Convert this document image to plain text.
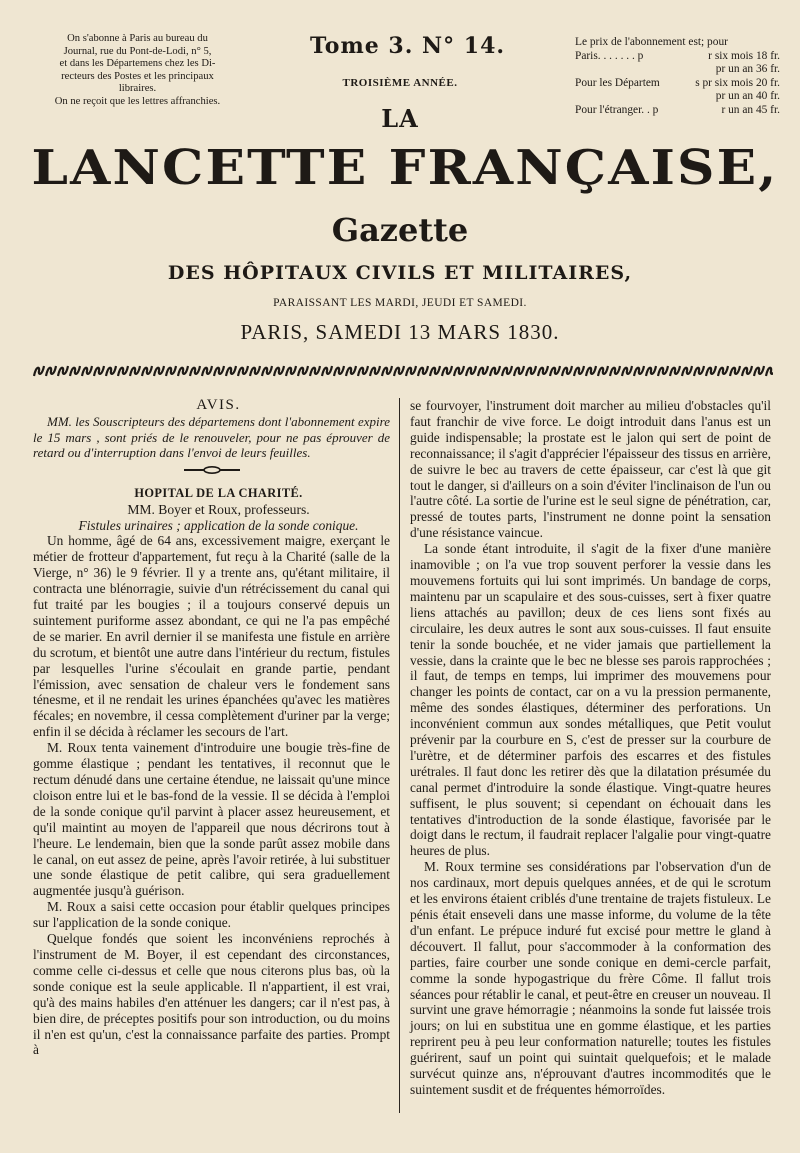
On s'abonne à Paris au bureau du
Journal, rue du Pont-de-Lodi, n° 5,
et dans les Départemens chez les Di-
recteurs des Postes et les principaux
libraires.
On ne reçoit que les lettres affranchies.
Tome 3. N° 14.
TROISIÈME ANNÉE.
LA
Le prix de l'abonnement est; pour
Paris. . . . . . . p	r six mois 18 fr.
pr un an 36 fr.
Pour les Départem	s pr six mois 20 fr.
pr un an 40 fr.
Pour l'étranger. . p	r un an 45 fr.
LANCETTE FRANÇAISE,
Gazette
DES HÔPITAUX CIVILS ET MILITAIRES,
PARAISSANT LES MARDI, JEUDI ET SAMEDI.
PARIS, SAMEDI 13 MARS 1830.

AVIS.

MM. les Souscripteurs des départemens dont l'abonnement expire le 15 mars , sont priés de le renouveler, pour ne pas éprouver de retard ou d'interruption dans l'envoi de leurs feuilles.

HOPITAL DE LA CHARITÉ.

MM. Boyer et Roux, professeurs.

Fistules urinaires ; application de la sonde conique.

Un homme, âgé de 64 ans, excessivement maigre, exerçant le métier de frotteur d'appartement, fut reçu à la Charité (salle de la Vierge, n° 36) le 9 février. Il y a trente ans, qu'étant militaire, il contracta une blénorragie, suivie d'un rétrécissement du canal qui fut traité par les bougies ; il a toujours conservé depuis un suintement puriforme assez abondant, ce qui ne l'a pas empêché de se marier. En avril dernier il se manifesta une fistule en arrière du scrotum, et bientôt une autre dans l'intérieur du rectum, fistules par lesquelles l'urine s'écoulait en grande partie, pendant l'émission, avec sensation de chaleur vers le fondement sans ténesme, et il ne rendait les urines épanchées qu'avec les matières fécales; en novembre, il cessa complètement d'uriner par la verge; enfin il se décida à réclamer les secours de l'art.

M. Roux tenta vainement d'introduire une bougie très-fine de gomme élastique ; pendant les tentatives, il reconnut que le rectum dénudé dans une certaine étendue, ne laissait qu'une mince cloison entre lui et le bas-fond de la vessie. Il se décida à l'emploi de la sonde conique qu'il parvint à placer assez heureusement, et qu'il maintint au moyen de l'appareil que nous décrirons tout à l'heure. Le lendemain, bien que la sonde parût assez mobile dans le canal, on eut assez de peine, après l'avoir retirée, à lui substituer une sonde élastique de petit calibre, qui sera graduellement augmentée jusqu'à guérison.

M. Roux a saisi cette occasion pour établir quelques principes sur l'application de la sonde conique.

Quelque fondés que soient les inconvéniens reprochés à l'instrument de M. Boyer, il est cependant des circonstances, comme celle ci-dessus et celle que nous citerons plus bas, où la sonde conique est la seule applicable. Il n'appartient, il est vrai, qu'à des mains habiles d'en atténuer les dangers; car il n'est pas, à bien dire, de préceptes positifs pour son introduction, ou du moins il n'en est qu'un, c'est la connaissance parfaite des parties. Prompt à

se fourvoyer, l'instrument doit marcher au milieu d'obstacles qu'il faut franchir de vive force. Le doigt introduit dans l'anus est un guide indispensable; la prostate est le jalon qui sert de point de reconnaissance; il s'agit d'apprécier l'épaisseur des tissus en arrière, de suivre le bec au travers de cette épaisseur, car c'est là que git tout le danger, si d'ailleurs on a soin d'éviter l'inclinaison de l'un ou l'autre côté. La sortie de l'urine est le seul signe de pénétration, car, pressé de toutes parts, l'instrument ne donne point la sensation d'une résistance vaincue.

La sonde étant introduite, il s'agit de la fixer d'une manière inamovible ; on l'a vue trop souvent perforer la vessie dans les mouvemens fortuits qui lui sont imprimés. Un bandage de corps, maintenu par un scapulaire et des sous-cuisses, sert à fixer quatre liens attachés au pavillon; deux de ces liens sont fixés au circulaire, les deux autres le sont aux sous-cuisses. Il faut ensuite tenir la sonde bouchée, et ne vider jamais que partiellement la vessie, dans la crainte que le bec ne blesse ses parois rapprochées ; il faut, de temps en temps, lui imprimer des mouvemens pour changer les points de contact, car on a vu la pression permanente, même des sondes élastiques, déterminer des perforations. Un inconvénient commun aux sondes métalliques, que Petit voulut prévenir par la courbure en S, c'est de presser sur la courbure de l'urètre, et de déterminer parfois des escarres et des fistules urétrales. Il faut donc les retirer dès que la dilatation présumée du canal permet d'introduire la sonde élastique. Vingt-quatre heures suffisent, le plus souvent; si cependant on échouait dans les tentatives d'introduction de la sonde élastique, favorisée par le doigt dans le rectum, il faudrait replacer l'algalie pour vingt-quatre heures de plus.

M. Roux termine ses considérations par l'observation d'un de nos cardinaux, mort depuis quelques années, et de qui le scrotum et les environs étaient criblés d'une trentaine de trajets fistuleux. Le pénis était enseveli dans une masse informe, du volume de la tête d'un enfant. Le prépuce induré fut excisé pour mettre le gland à découvert. Il fallut, pour s'accommoder à la conformation des parties, faire courber une sonde conique en demi-cercle parfait, comme la sonde hypogastrique du frère Côme. Il fallut trois séances pour rétablir le canal, et peut-être en creuser un nouveau. Il survint une grave hémorragie ; néanmoins la sonde fut laissée trois jours; on lui en substitua une en gomme élastique, et les parties reprirent peu à peu leur conformation naturelle; toutes les fistules guérirent, sauf un point qui suintait quelquefois; et le malade survécut quinze ans, n'éprouvant d'autres incommodités que le suintement susdit et de fréquentes hémorroïdes.
